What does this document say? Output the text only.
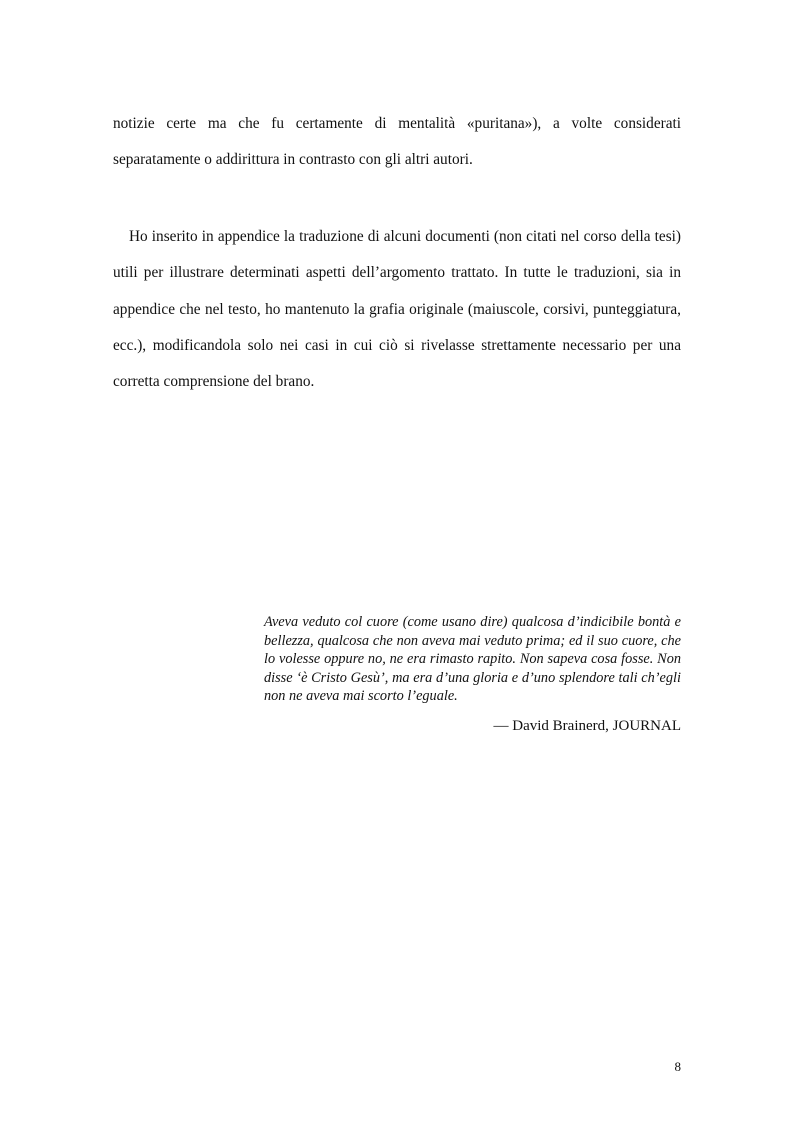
notizie certe ma che fu certamente di mentalità «puritana»), a volte considerati separatamente o addirittura in contrasto con gli altri autori.

Ho inserito in appendice la traduzione di alcuni documenti (non citati nel corso della tesi) utili per illustrare determinati aspetti dell’argomento trattato. In tutte le traduzioni, sia in appendice che nel testo, ho mantenuto la grafia originale (maiuscole, corsivi, punteggiatura, ecc.), modificandola solo nei casi in cui ciò si rivelasse strettamente necessario per una corretta comprensione del brano.

Aveva veduto col cuore (come usano dire) qualcosa d’indicibile bontà e bellezza, qualcosa che non aveva mai veduto prima; ed il suo cuore, che lo volesse oppure no, ne era rimasto rapito. Non sapeva cosa fosse. Non disse ‘è Cristo Gesù’, ma era d’una gloria e d’uno splendore tali ch’egli non ne aveva mai scorto l’eguale.

— David Brainerd, JOURNAL

8
